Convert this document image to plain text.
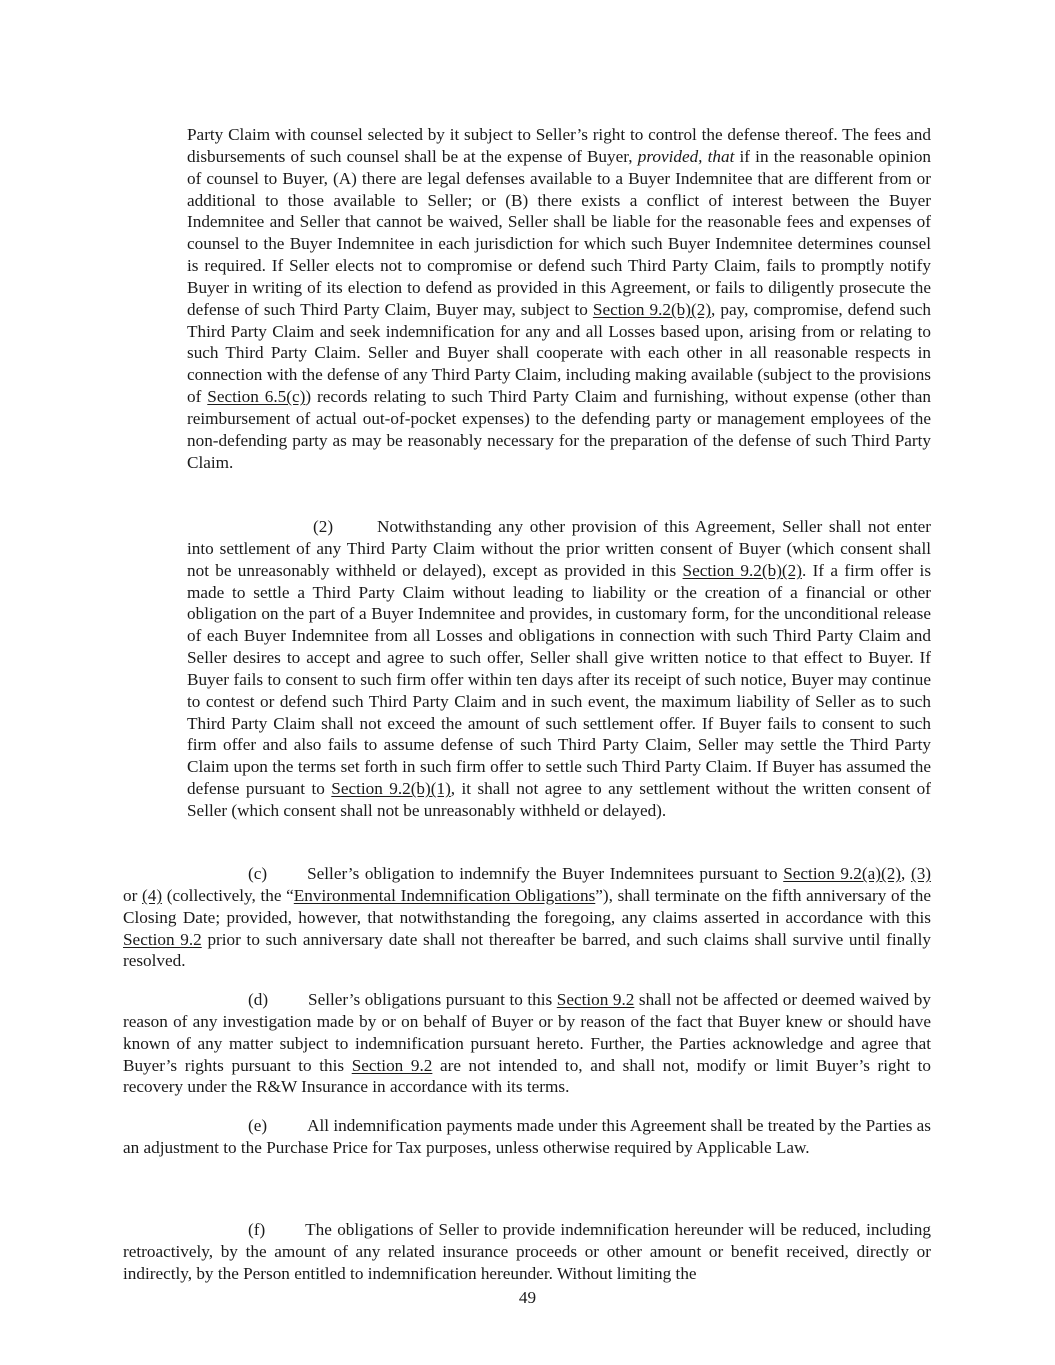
Party Claim with counsel selected by it subject to Seller’s right to control the defense thereof. The fees and disbursements of such counsel shall be at the expense of Buyer, provided, that if in the reasonable opinion of counsel to Buyer, (A) there are legal defenses available to a Buyer Indemnitee that are different from or additional to those available to Seller; or (B) there exists a conflict of interest between the Buyer Indemnitee and Seller that cannot be waived, Seller shall be liable for the reasonable fees and expenses of counsel to the Buyer Indemnitee in each jurisdiction for which such Buyer Indemnitee determines counsel is required. If Seller elects not to compromise or defend such Third Party Claim, fails to promptly notify Buyer in writing of its election to defend as provided in this Agreement, or fails to diligently prosecute the defense of such Third Party Claim, Buyer may, subject to Section 9.2(b)(2), pay, compromise, defend such Third Party Claim and seek indemnification for any and all Losses based upon, arising from or relating to such Third Party Claim. Seller and Buyer shall cooperate with each other in all reasonable respects in connection with the defense of any Third Party Claim, including making available (subject to the provisions of Section 6.5(c)) records relating to such Third Party Claim and furnishing, without expense (other than reimbursement of actual out-of-pocket expenses) to the defending party or management employees of the non-defending party as may be reasonably necessary for the preparation of the defense of such Third Party Claim.

(2)	Notwithstanding any other provision of this Agreement, Seller shall not enter into settlement of any Third Party Claim without the prior written consent of Buyer (which consent shall not be unreasonably withheld or delayed), except as provided in this Section 9.2(b)(2). If a firm offer is made to settle a Third Party Claim without leading to liability or the creation of a financial or other obligation on the part of a Buyer Indemnitee and provides, in customary form, for the unconditional release of each Buyer Indemnitee from all Losses and obligations in connection with such Third Party Claim and Seller desires to accept and agree to such offer, Seller shall give written notice to that effect to Buyer. If Buyer fails to consent to such firm offer within ten days after its receipt of such notice, Buyer may continue to contest or defend such Third Party Claim and in such event, the maximum liability of Seller as to such Third Party Claim shall not exceed the amount of such settlement offer. If Buyer fails to consent to such firm offer and also fails to assume defense of such Third Party Claim, Seller may settle the Third Party Claim upon the terms set forth in such firm offer to settle such Third Party Claim. If Buyer has assumed the defense pursuant to Section 9.2(b)(1), it shall not agree to any settlement without the written consent of Seller (which consent shall not be unreasonably withheld or delayed).

(c) Seller’s obligation to indemnify the Buyer Indemnitees pursuant to Section 9.2(a)(2), (3) or (4) (collectively, the “Environmental Indemnification Obligations”), shall terminate on the fifth anniversary of the Closing Date; provided, however, that notwithstanding the foregoing, any claims asserted in accordance with this Section 9.2 prior to such anniversary date shall not thereafter be barred, and such claims shall survive until finally resolved.

(d) Seller’s obligations pursuant to this Section 9.2 shall not be affected or deemed waived by reason of any investigation made by or on behalf of Buyer or by reason of the fact that Buyer knew or should have known of any matter subject to indemnification pursuant hereto. Further, the Parties acknowledge and agree that Buyer’s rights pursuant to this Section 9.2 are not intended to, and shall not, modify or limit Buyer’s right to recovery under the R&W Insurance in accordance with its terms.

(e) All indemnification payments made under this Agreement shall be treated by the Parties as an adjustment to the Purchase Price for Tax purposes, unless otherwise required by Applicable Law.

(f) The obligations of Seller to provide indemnification hereunder will be reduced, including retroactively, by the amount of any related insurance proceeds or other amount or benefit received, directly or indirectly, by the Person entitled to indemnification hereunder. Without limiting the

49
